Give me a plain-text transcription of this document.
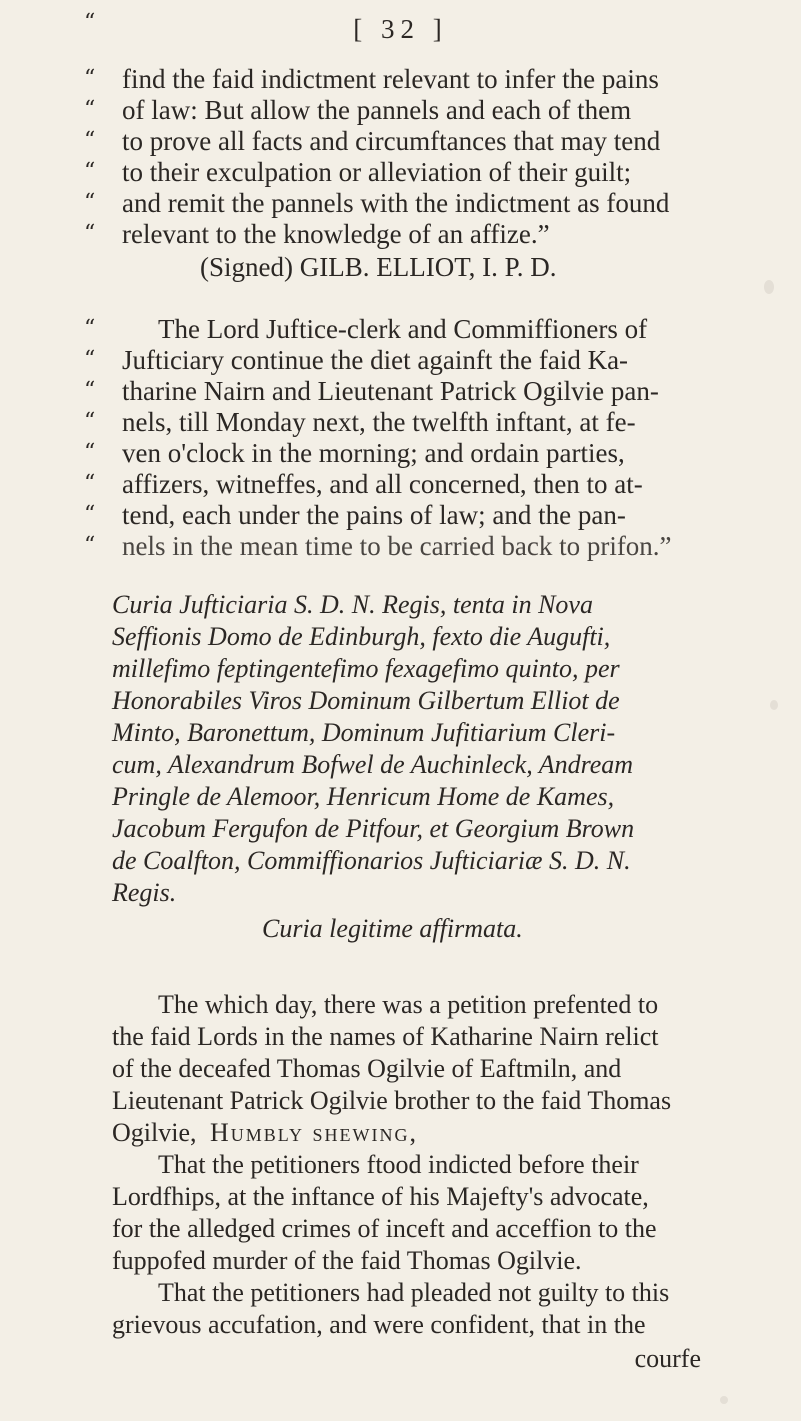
[ 32 ]
“
“ find the faid indictment relevant to infer the pains
“ of law: But allow the pannels and each of them
“ to prove all facts and circumftances that may tend
“ to their exculpation or alleviation of their guilt;
“ and remit the pannels with the indictment as found
“ relevant to the knowledge of an affize.”
(Signed) GILB. ELLIOT, I. P. D.
“	The Lord Juftice-clerk and Commiffioners of
“ Jufticiary continue the diet againft the faid Ka-
“ tharine Nairn and Lieutenant Patrick Ogilvie pan-
“ nels, till Monday next, the twelfth inftant, at fe-
“ ven o'clock in the morning; and ordain parties,
“ affizers, witneffes, and all concerned, then to at-
“ tend, each under the pains of law; and the pan-
“ nels in the mean time to be carried back to prifon.”
Curia Jufticiaria S. D. N. Regis, tenta in Nova
Seffionis Domo de Edinburgh, fexto die Augufti,
millefimo feptingentefimo fexagefimo quinto, per
Honorabiles Viros Dominum Gilbertum Elliot de
Minto, Baronettum, Dominum Jufitiarium Cleri-
cum, Alexandrum Bofwel de Auchinleck, Andream
Pringle de Alemoor, Henricum Home de Kames,
Jacobum Fergufon de Pitfour, et Georgium Brown
de Coalfton, Commiffionarios Jufticiariæ S. D. N.
Regis.
Curia legitime affirmata.
The which day, there was a petition prefented to
the faid Lords in the names of Katharine Nairn relict
of the deceafed Thomas Ogilvie of Eaftmiln, and
Lieutenant Patrick Ogilvie brother to the faid Thomas
Ogilvie, Humbly shewing,
That the petitioners ftood indicted before their
Lordfhips, at the inftance of his Majefty's advocate,
for the alledged crimes of inceft and acceffion to the
fuppofed murder of the faid Thomas Ogilvie.
That the petitioners had pleaded not guilty to this
grievous accufation, and were confident, that in the
courfe
